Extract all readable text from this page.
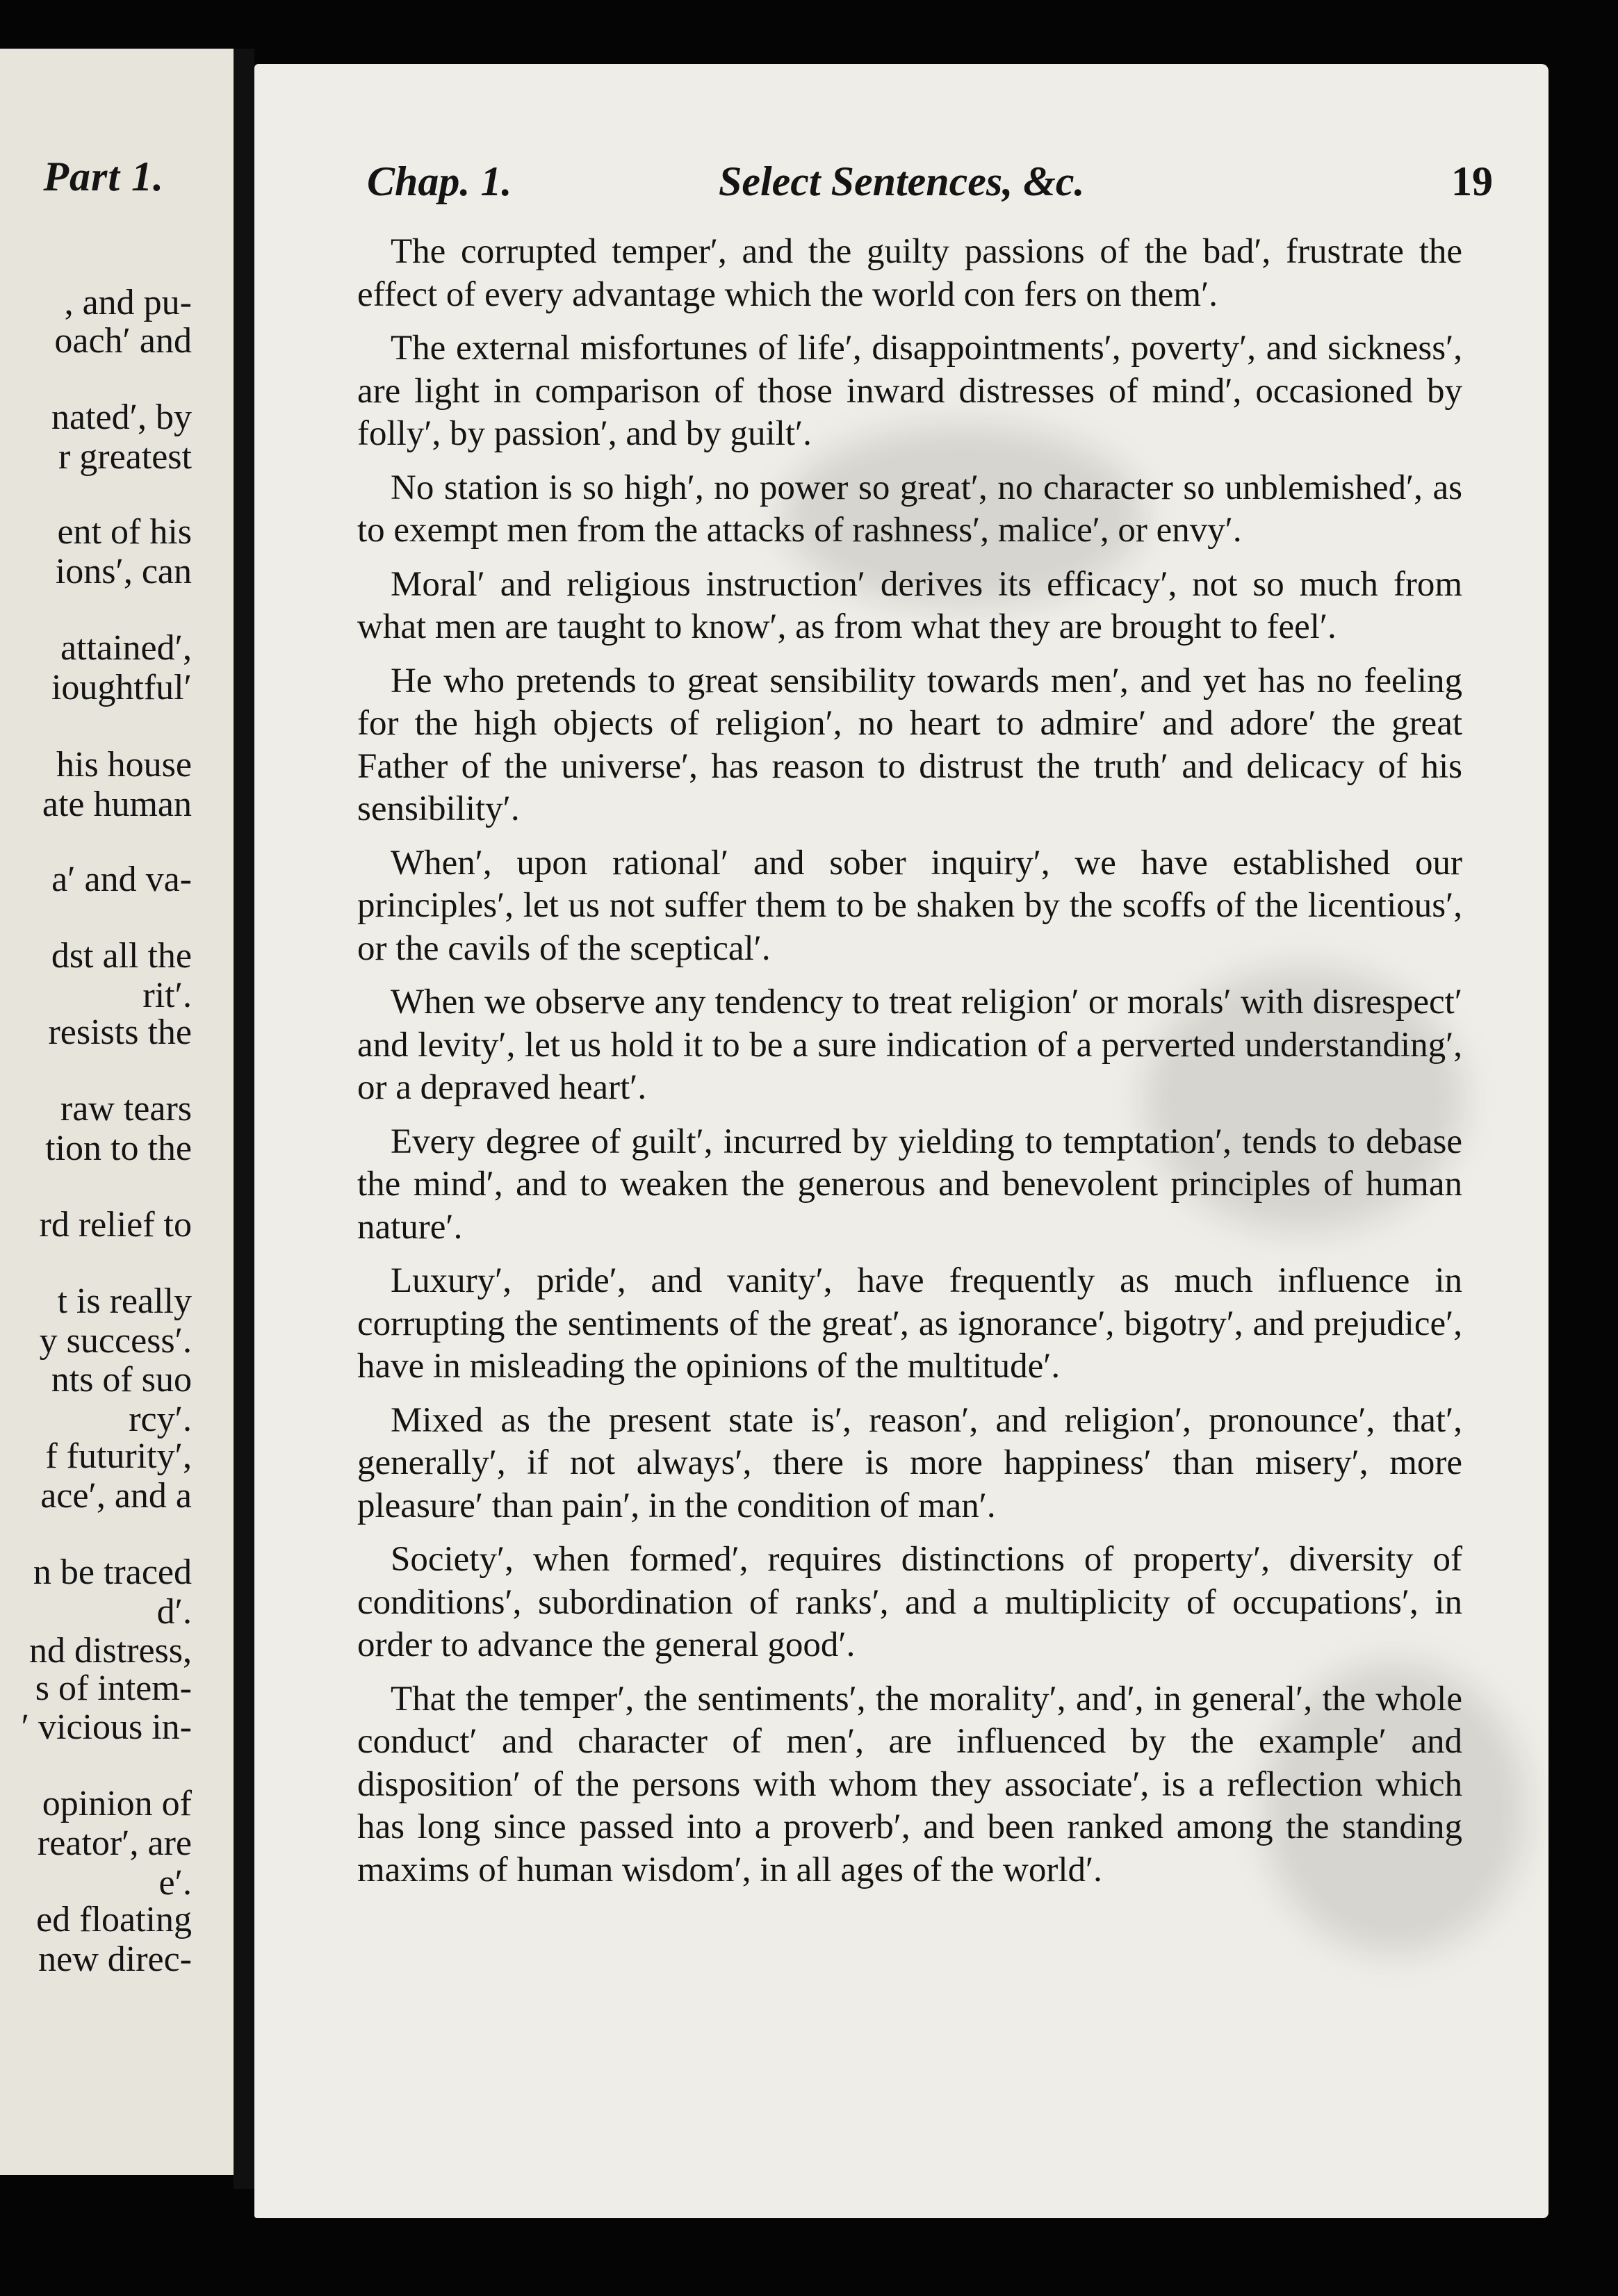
Part 1.
, and pu-
oach′ and
nated′, by
r greatest
ent of his
ions′, can
attained′,
ioughtful′
his house
ate human
a′ and va-
dst all the
rit′.
resists the
raw tears
tion to the
rd relief to
t is really
y success′.
nts of suo
rcy′.
f futurity′,
ace′, and a
n be traced
d′.
nd distress,
s of intem-
′ vicious in-
opinion of
reator′, are
e′.
ed floating
new direc-
Chap. 1.	Select Sentences, &c.	19

The corrupted temper′, and the guilty passions of the bad′, frustrate the effect of every advantage which the world con fers on them′.

The external misfortunes of life′, disappointments′, poverty′, and sickness′, are light in comparison of those inward distresses of mind′, occasioned by folly′, by passion′, and by guilt′.

No station is so high′, no power so great′, no character so unblemished′, as to exempt men from the attacks of rashness′, malice′, or envy′.

Moral′ and religious instruction′ derives its efficacy′, not so much from what men are taught to know′, as from what they are brought to feel′.

He who pretends to great sensibility towards men′, and yet has no feeling for the high objects of religion′, no heart to admire′ and adore′ the great Father of the universe′, has reason to distrust the truth′ and delicacy of his sensibility′.

When′, upon rational′ and sober inquiry′, we have established our principles′, let us not suffer them to be shaken by the scoffs of the licentious′, or the cavils of the sceptical′.

When we observe any tendency to treat religion′ or morals′ with disrespect′ and levity′, let us hold it to be a sure indication of a perverted understanding′, or a depraved heart′.

Every degree of guilt′, incurred by yielding to temptation′, tends to debase the mind′, and to weaken the generous and benevolent principles of human nature′.

Luxury′, pride′, and vanity′, have frequently as much influence in corrupting the sentiments of the great′, as ignorance′, bigotry′, and prejudice′, have in misleading the opinions of the multitude′.

Mixed as the present state is′, reason′, and religion′, pronounce′, that′, generally′, if not always′, there is more happiness′ than misery′, more pleasure′ than pain′, in the condition of man′.

Society′, when formed′, requires distinctions of property′, diversity of conditions′, subordination of ranks′, and a multiplicity of occupations′, in order to advance the general good′.

That the temper′, the sentiments′, the morality′, and′, in general′, the whole conduct′ and character of men′, are influenced by the example′ and disposition′ of the persons with whom they associate′, is a reflection which has long since passed into a proverb′, and been ranked among the standing maxims of human wisdom′, in all ages of the world′.
